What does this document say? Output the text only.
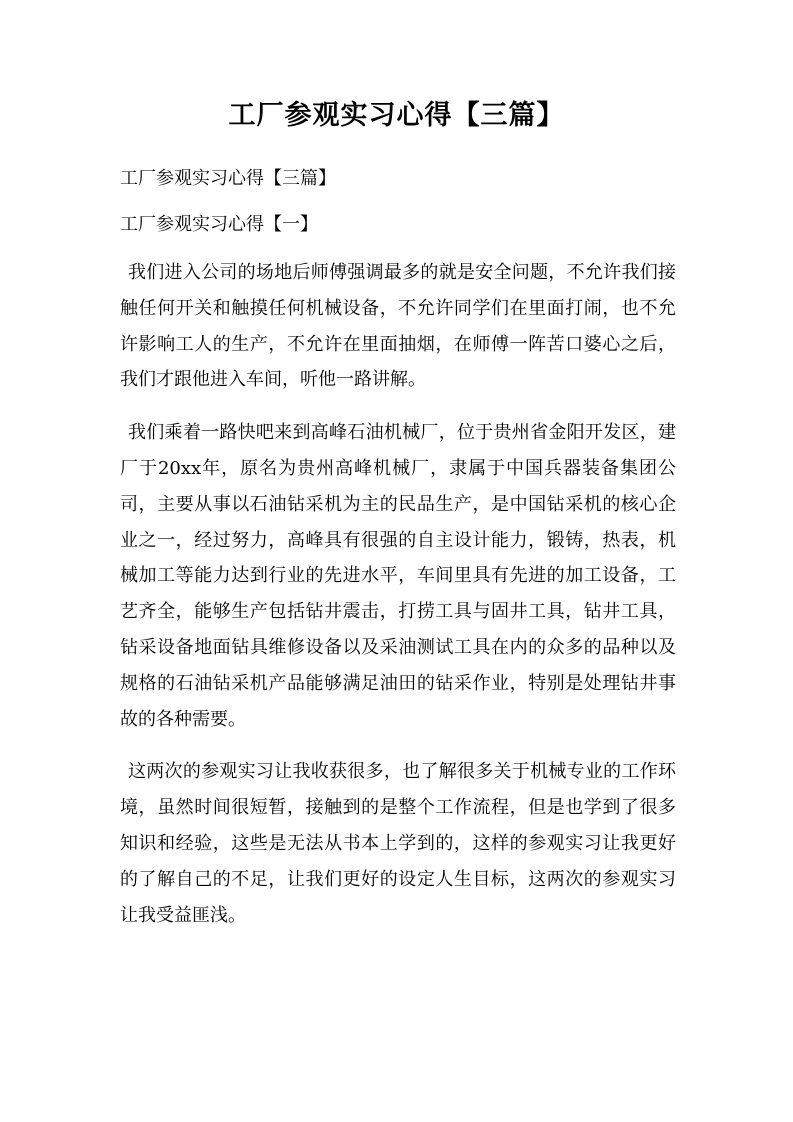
工厂参观实习心得【三篇】
工厂参观实习心得【三篇】
工厂参观实习心得【一】

我们进入公司的场地后师傅强调最多的就是安全问题，不允许我们接触任何开关和触摸任何机械设备，不允许同学们在里面打闹，也不允许影响工人的生产，不允许在里面抽烟，在师傅一阵苦口婆心之后，我们才跟他进入车间，听他一路讲解。

我们乘着一路快吧来到高峰石油机械厂，位于贵州省金阳开发区，建厂于20xx年，原名为贵州高峰机械厂，隶属于中国兵器装备集团公司，主要从事以石油钻采机为主的民品生产，是中国钻采机的核心企业之一，经过努力，高峰具有很强的自主设计能力，锻铸，热表，机械加工等能力达到行业的先进水平，车间里具有先进的加工设备，工艺齐全，能够生产包括钻井震击，打捞工具与固井工具，钻井工具，钻采设备地面钻具维修设备以及采油测试工具在内的众多的品种以及规格的石油钻采机产品能够满足油田的钻采作业，特别是处理钻井事故的各种需要。

这两次的参观实习让我收获很多，也了解很多关于机械专业的工作环境，虽然时间很短暂，接触到的是整个工作流程，但是也学到了很多知识和经验，这些是无法从书本上学到的，这样的参观实习让我更好的了解自己的不足，让我们更好的设定人生目标，这两次的参观实习让我受益匪浅。
